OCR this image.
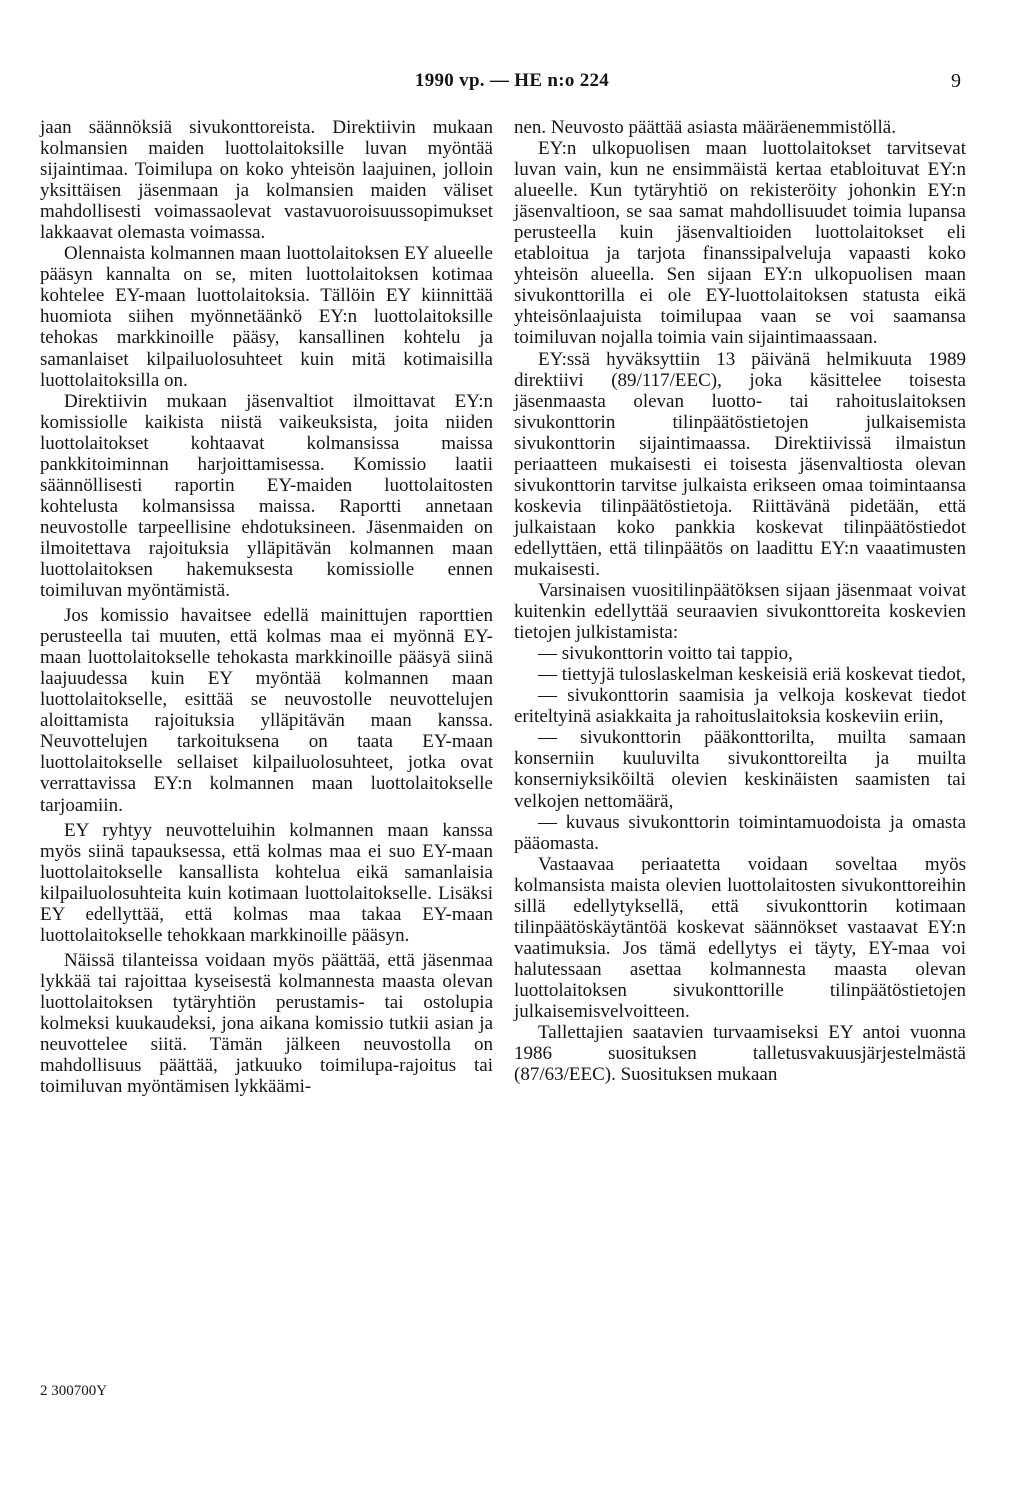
1990 vp. — HE n:o 224	9

jaan säännöksiä sivukonttoreista. Direktiivin mukaan kolmansien maiden luottolaitoksille luvan myöntää sijaintimaa. Toimilupa on koko yhteisön laajuinen, jolloin yksittäisen jäsenmaan ja kolmansien maiden väliset mahdollisesti voimassaolevat vastavuoroisuussopimukset lakkaavat olemasta voimassa.

Olennaista kolmannen maan luottolaitoksen EY alueelle pääsyn kannalta on se, miten luottolaitoksen kotimaa kohtelee EY-maan luottolaitoksia. Tällöin EY kiinnittää huomiota siihen myönnetäänkö EY:n luottolaitoksille tehokas markkinoille pääsy, kansallinen kohtelu ja samanlaiset kilpailuolosuhteet kuin mitä kotimaisilla luottolaitoksilla on.

Direktiivin mukaan jäsenvaltiot ilmoittavat EY:n komissiolle kaikista niistä vaikeuksista, joita niiden luottolaitokset kohtaavat kolmansissa maissa pankkitoiminnan harjoittamisessa. Komissio laatii säännöllisesti raportin EY-maiden luottolaitosten kohtelusta kolmansissa maissa. Raportti annetaan neuvostolle tarpeellisine ehdotuksineen. Jäsenmaiden on ilmoitettava rajoituksia ylläpitävän kolmannen maan luottolaitoksen hakemuksesta komissiolle ennen toimiluvan myöntämistä.

Jos komissio havaitsee edellä mainittujen raporttien perusteella tai muuten, että kolmas maa ei myönnä EY-maan luottolaitokselle tehokasta markkinoille pääsyä siinä laajuudessa kuin EY myöntää kolmannen maan luottolaitokselle, esittää se neuvostolle neuvottelujen aloittamista rajoituksia ylläpitävän maan kanssa. Neuvottelujen tarkoituksena on taata EY-maan luottolaitokselle sellaiset kilpailuolosuhteet, jotka ovat verrattavissa EY:n kolmannen maan luottolaitokselle tarjoamiin.

EY ryhtyy neuvotteluihin kolmannen maan kanssa myös siinä tapauksessa, että kolmas maa ei suo EY-maan luottolaitokselle kansallista kohtelua eikä samanlaisia kilpailuolosuhteita kuin kotimaan luottolaitokselle. Lisäksi EY edellyttää, että kolmas maa takaa EY-maan luottolaitokselle tehokkaan markkinoille pääsyn.

Näissä tilanteissa voidaan myös päättää, että jäsenmaa lykkää tai rajoittaa kyseisestä kolmannesta maasta olevan luottolaitoksen tytäryhtiön perustamis- tai ostolupia kolmeksi kuukaudeksi, jona aikana komissio tutkii asian ja neuvottelee siitä. Tämän jälkeen neuvostolla on mahdollisuus päättää, jatkuuko toimilupa-rajoitus tai toimiluvan myöntämisen lykkäämi-

nen. Neuvosto päättää asiasta määräenemmistöllä.

EY:n ulkopuolisen maan luottolaitokset tarvitsevat luvan vain, kun ne ensimmäistä kertaa etabloituvat EY:n alueelle. Kun tytäryhtiö on rekisteröity johonkin EY:n jäsenvaltioon, se saa samat mahdollisuudet toimia lupansa perusteella kuin jäsenvaltioiden luottolaitokset eli etabloitua ja tarjota finanssipalveluja vapaasti koko yhteisön alueella. Sen sijaan EY:n ulkopuolisen maan sivukonttorilla ei ole EY-luottolaitoksen statusta eikä yhteisönlaajuista toimilupaa vaan se voi saamansa toimiluvan nojalla toimia vain sijaintimaassaan.

EY:ssä hyväksyttiin 13 päivänä helmikuuta 1989 direktiivi (89/117/EEC), joka käsittelee toisesta jäsenmaasta olevan luotto- tai rahoituslaitoksen sivukonttorin tilinpäätöstietojen julkaisemista sivukonttorin sijaintimaassa. Direktiivissä ilmaistun periaatteen mukaisesti ei toisesta jäsenvaltiosta olevan sivukonttorin tarvitse julkaista erikseen omaa toimintaansa koskevia tilinpäätöstietoja. Riittävänä pidetään, että julkaistaan koko pankkia koskevat tilinpäätöstiedot edellyttäen, että tilinpäätös on laadittu EY:n vaaatimusten mukaisesti.

Varsinaisen vuositilinpäätöksen sijaan jäsenmaat voivat kuitenkin edellyttää seuraavien sivukonttoreita koskevien tietojen julkistamista:

— sivukonttorin voitto tai tappio,

— tiettyjä tuloslaskelman keskeisiä eriä koskevat tiedot,

— sivukonttorin saamisia ja velkoja koskevat tiedot eriteltyinä asiakkaita ja rahoituslaitoksia koskeviin eriin,

— sivukonttorin pääkonttorilta, muilta samaan konserniin kuuluvilta sivukonttoreilta ja muilta konserniyksiköiltä olevien keskinäisten saamisten tai velkojen nettomäärä,

— kuvaus sivukonttorin toimintamuodoista ja omasta pääomasta.

Vastaavaa periaatetta voidaan soveltaa myös kolmansista maista olevien luottolaitosten sivukonttoreihin sillä edellytyksellä, että sivukonttorin kotimaan tilinpäätöskäytäntöä koskevat säännökset vastaavat EY:n vaatimuksia. Jos tämä edellytys ei täyty, EY-maa voi halutessaan asettaa kolmannesta maasta olevan luottolaitoksen sivukonttorille tilinpäätöstietojen julkaisemisvelvoitteen.

Tallettajien saatavien turvaamiseksi EY antoi vuonna 1986 suosituksen talletusvakuusjärjestelmästä (87/63/EEC). Suosituksen mukaan

2 300700Y
